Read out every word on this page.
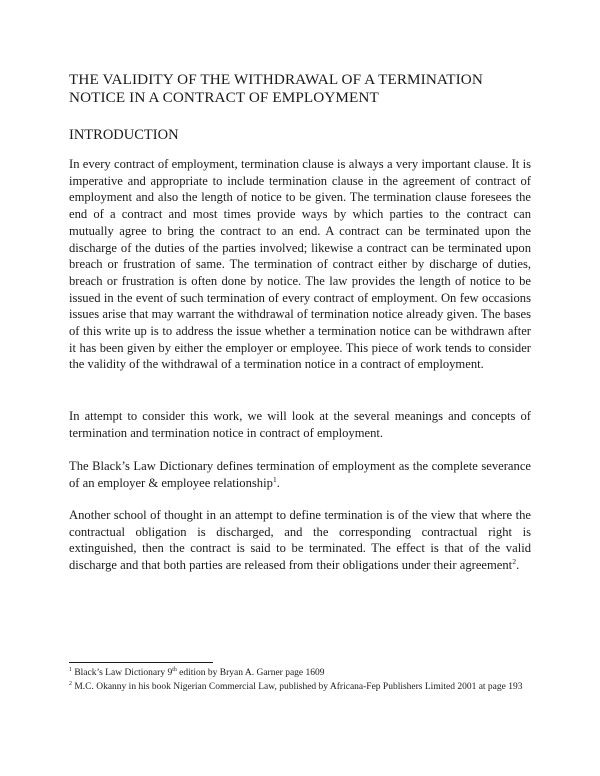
THE VALIDITY OF THE WITHDRAWAL OF A TERMINATION NOTICE IN A CONTRACT OF EMPLOYMENT
INTRODUCTION
In every contract of employment, termination clause is always a very important clause. It is imperative and appropriate to include termination clause in the agreement of contract of employment and also the length of notice to be given. The termination clause foresees the end of a contract and most times provide ways by which parties to the contract can mutually agree to bring the contract to an end. A contract can be terminated upon the discharge of the duties of the parties involved; likewise a contract can be terminated upon breach or frustration of same. The termination of contract either by discharge of duties, breach or frustration is often done by notice. The law provides the length of notice to be issued in the event of such termination of every contract of employment. On few occasions issues arise that may warrant the withdrawal of termination notice already given. The bases of this write up is to address the issue whether a termination notice can be withdrawn after it has been given by either the employer or employee. This piece of work tends to consider the validity of the withdrawal of a termination notice in a contract of employment.
In attempt to consider this work, we will look at the several meanings and concepts of termination and termination notice in contract of employment.
The Black’s Law Dictionary defines termination of employment as the complete severance of an employer & employee relationship$^1$.
Another school of thought in an attempt to define termination is of the view that where the contractual obligation is discharged, and the corresponding contractual right is extinguished, then the contract is said to be terminated. The effect is that of the valid discharge and that both parties are released from their obligations under their agreement$^2$.
$^1$ Black’s Law Dictionary 9th edition by Bryan A. Garner page 1609
$^2$ M.C. Okanny in his book Nigerian Commercial Law, published by Africana-Fep Publishers Limited 2001 at page 193
